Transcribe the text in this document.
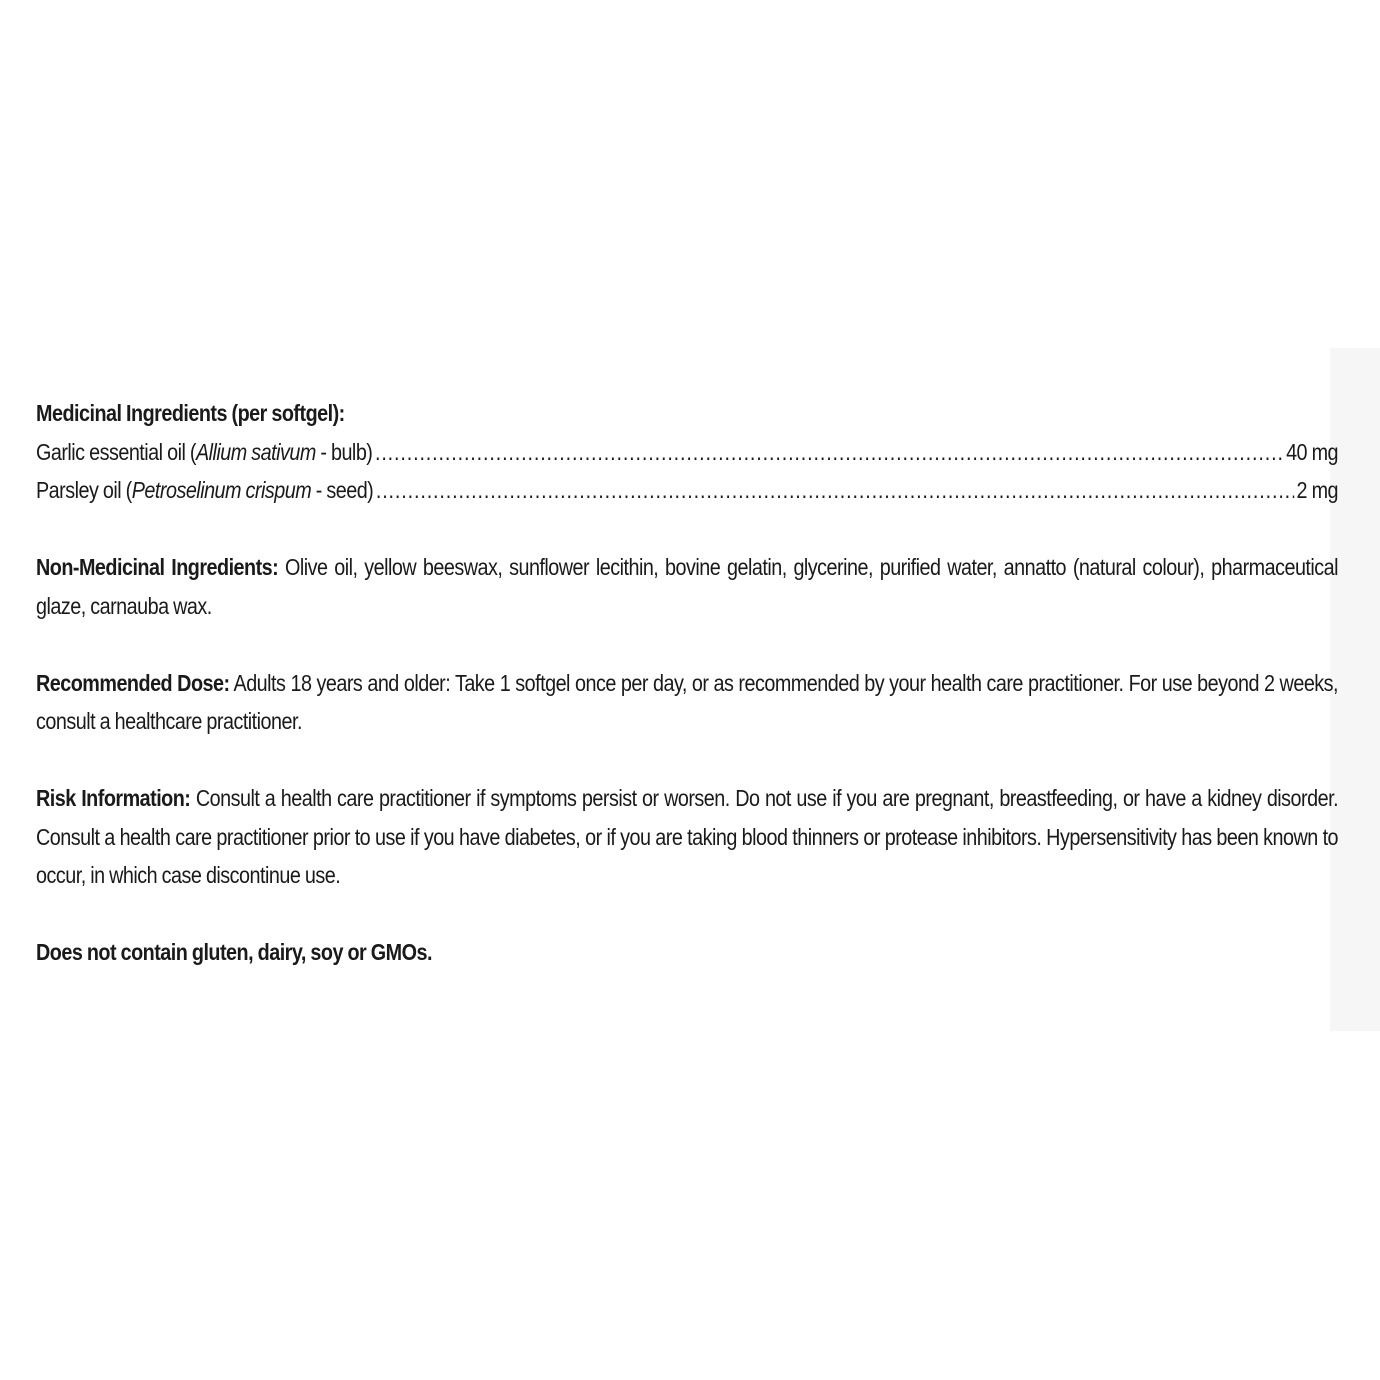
Medicinal Ingredients (per softgel):
Garlic essential oil (Allium sativum - bulb) .....	40 mg
Parsley oil (Petroselinum crispum - seed) .....	2 mg
Non-Medicinal Ingredients: Olive oil, yellow beeswax, sunflower lecithin, bovine gelatin, glycerine, purified water, annatto (natural colour), pharmaceutical glaze, carnauba wax.
Recommended Dose: Adults 18 years and older: Take 1 softgel once per day, or as recommended by your health care practitioner. For use beyond 2 weeks, consult a healthcare practitioner.
Risk Information: Consult a health care practitioner if symptoms persist or worsen. Do not use if you are pregnant, breastfeeding, or have a kidney disorder. Consult a health care practitioner prior to use if you have diabetes, or if you are taking blood thinners or protease inhibitors. Hypersensitivity has been known to occur, in which case discontinue use.
Does not contain gluten, dairy, soy or GMOs.
